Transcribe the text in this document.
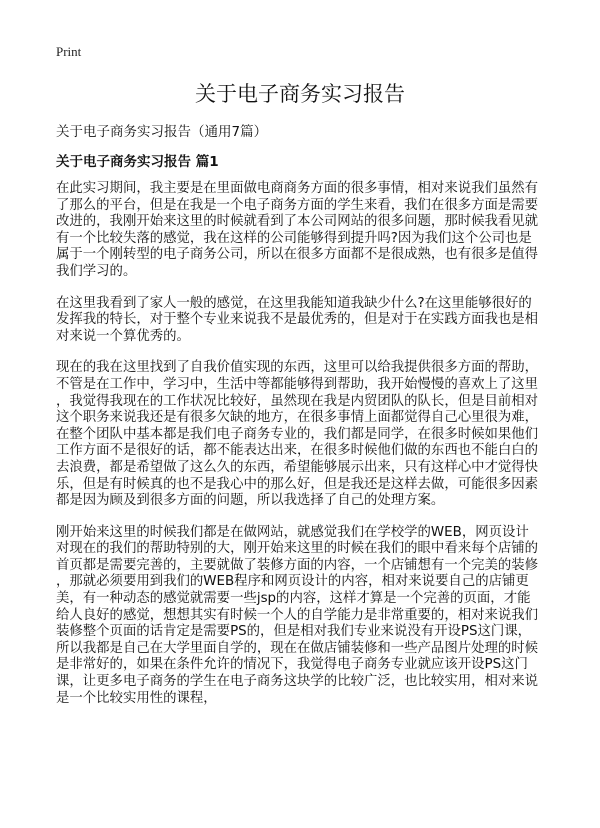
Print
关于电子商务实习报告
关于电子商务实习报告（通用7篇）
关于电子商务实习报告 篇1

在此实习期间，我主要是在里面做电商商务方面的很多事情，相对来说我们虽然有
了那么的平台，但是在我是一个电子商务方面的学生来看，我们在很多方面是需要
改进的，我刚开始来这里的时候就看到了本公司网站的很多问题，那时候我看见就
有一个比较失落的感觉，我在这样的公司能够得到提升吗?因为我们这个公司也是
属于一个刚转型的电子商务公司，所以在很多方面都不是很成熟，也有很多是值得
我们学习的。

在这里我看到了家人一般的感觉，在这里我能知道我缺少什么?在这里能够很好的
发挥我的特长，对于整个专业来说我不是最优秀的，但是对于在实践方面我也是相
对来说一个算优秀的。

现在的我在这里找到了自我价值实现的东西，这里可以给我提供很多方面的帮助，
不管是在工作中，学习中，生活中等都能够得到帮助，我开始慢慢的喜欢上了这里
，我觉得我现在的工作状况比较好，虽然现在我是内贸团队的队长，但是目前相对
这个职务来说我还是有很多欠缺的地方，在很多事情上面都觉得自己心里很为难，
在整个团队中基本都是我们电子商务专业的，我们都是同学，在很多时候如果他们
工作方面不是很好的话，都不能表达出来，在很多时候他们做的东西也不能白白的
去浪费，都是希望做了这么久的东西，希望能够展示出来，只有这样心中才觉得快
乐，但是有时候真的也不是我心中的那么好，但是我还是这样去做，可能很多因素
都是因为顾及到很多方面的问题，所以我选择了自己的处理方案。

刚开始来这里的时候我们都是在做网站，就感觉我们在学校学的WEB，网页设计
对现在的我们的帮助特别的大，刚开始来这里的时候在我们的眼中看来每个店铺的
首页都是需要完善的，主要就做了装修方面的内容，一个店铺想有一个完美的装修
，那就必须要用到我们的WEB程序和网页设计的内容，相对来说要自己的店铺更
美，有一种动态的感觉就需要一些jsp的内容，这样才算是一个完善的页面，才能
给人良好的感觉，想想其实有时候一个人的自学能力是非常重要的，相对来说我们
装修整个页面的话肯定是需要PS的，但是相对我们专业来说没有开设PS这门课，
所以我都是自己在大学里面自学的，现在在做店铺装修和一些产品图片处理的时候
是非常好的，如果在条件允许的情况下，我觉得电子商务专业就应该开设PS这门
课，让更多电子商务的学生在电子商务这块学的比较广泛，也比较实用，相对来说
是一个比较实用性的课程，
